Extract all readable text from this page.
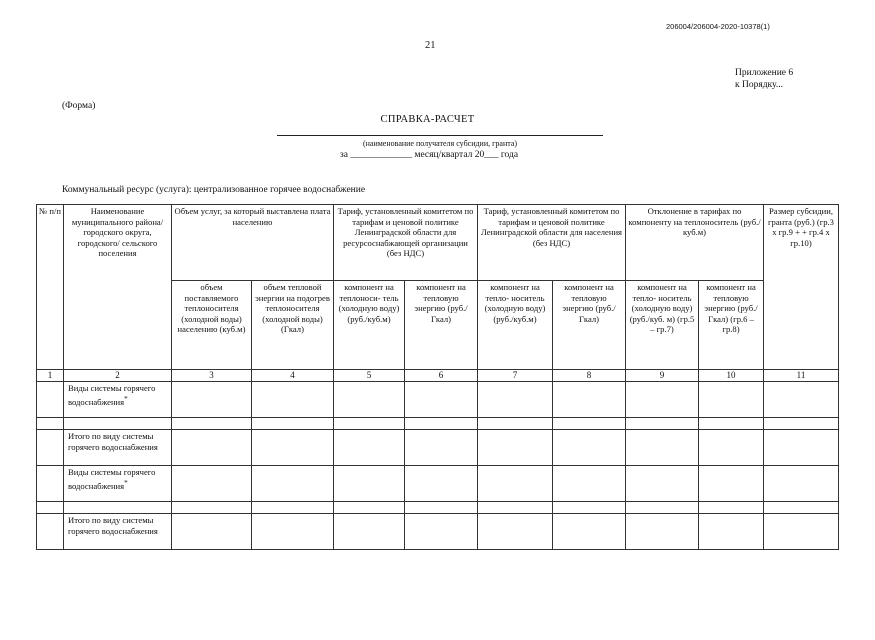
206004/206004-2020-10378(1)
21
Приложение 6
к Порядку...
(Форма)
СПРАВКА-РАСЧЕТ
(наименование получателя субсидии, гранта)
за _____________ месяц/квартал 20___ года
Коммунальный ресурс (услуга): централизованное горячее водоснабжение
№ п/п	Наименование муниципального района/городского округа, городского/ сельского поселения	Объем услуг, за который выставлена плата населению		Тариф, установленный комитетом по тарифам и ценовой политике Ленинградской области для ресурсоснабжающей организации (без НДС)		Тариф, установленный комитетом по тарифам и ценовой политике Ленинградской области для населения (без НДС)		Отклонение в тарифах по компоненту на теплоноситель (руб./куб.м)		Размер субсидии, гранта (руб.) (гр.3 x гр.9 + + гр.4 x гр.10)
		объем поставляемого теплоносителя (холодной воды) населению (куб.м)	объем тепловой энергии на подогрев теплоносителя (холодной воды) (Гкал)	компонент на теплоноси- тель (холодную воду) (руб./куб.м)	компонент на тепловую энергию (руб./Гкал)	компонент на тепло- носитель (холодную воду) (руб./куб.м)	компонент на тепловую энергию (руб./Гкал)	компонент на тепло- носитель (холодную воду) (руб./куб. м) (гр.5 – гр.7)	компонент на тепловую энергию (руб./Гкал) (гр.6 – гр.8)	
1	2	3	4	5	6	7	8	9	10	11
	Виды системы горячего водоснабжения*									

	Итого по виду системы горячего водоснабжения									
	Виды системы горячего водоснабжения*									

	Итого по виду системы горячего водоснабжения									
